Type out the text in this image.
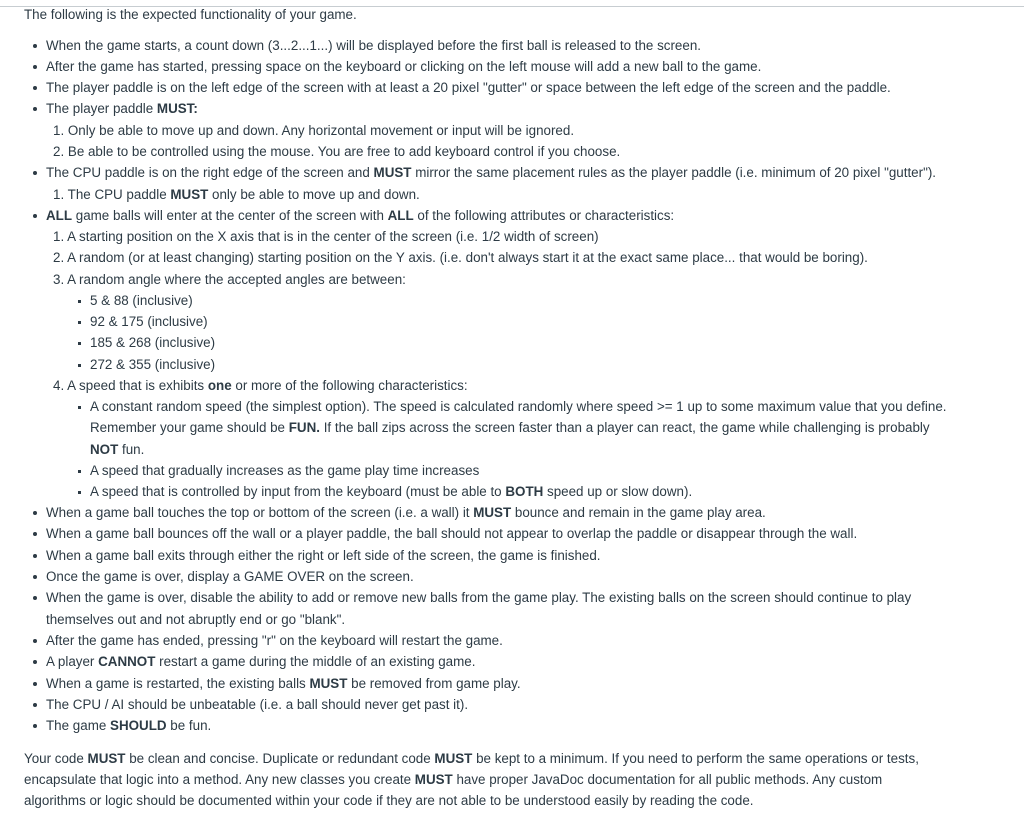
The following is the expected functionality of your game.
When the game starts, a count down (3...2...1...) will be displayed before the first ball is released to the screen.
After the game has started, pressing space on the keyboard or clicking on the left mouse will add a new ball to the game.
The player paddle is on the left edge of the screen with at least a 20 pixel "gutter" or space between the left edge of the screen and the paddle.
The player paddle MUST:
1. Only be able to move up and down. Any horizontal movement or input will be ignored.
2. Be able to be controlled using the mouse. You are free to add keyboard control if you choose.
The CPU paddle is on the right edge of the screen and MUST mirror the same placement rules as the player paddle (i.e. minimum of 20 pixel "gutter").
1. The CPU paddle MUST only be able to move up and down.
ALL game balls will enter at the center of the screen with ALL of the following attributes or characteristics:
1. A starting position on the X axis that is in the center of the screen (i.e. 1/2 width of screen)
2. A random (or at least changing) starting position on the Y axis. (i.e. don't always start it at the exact same place... that would be boring).
3. A random angle where the accepted angles are between:
5 & 88 (inclusive)
92 & 175 (inclusive)
185 & 268 (inclusive)
272 & 355 (inclusive)
4. A speed that is exhibits one or more of the following characteristics:
A constant random speed (the simplest option). The speed is calculated randomly where speed >= 1 up to some maximum value that you define.
Remember your game should be FUN. If the ball zips across the screen faster than a player can react, the game while challenging is probably
NOT fun.
A speed that gradually increases as the game play time increases
A speed that is controlled by input from the keyboard (must be able to BOTH speed up or slow down).
When a game ball touches the top or bottom of the screen (i.e. a wall) it MUST bounce and remain in the game play area.
When a game ball bounces off the wall or a player paddle, the ball should not appear to overlap the paddle or disappear through the wall.
When a game ball exits through either the right or left side of the screen, the game is finished.
Once the game is over, display a GAME OVER on the screen.
When the game is over, disable the ability to add or remove new balls from the game play. The existing balls on the screen should continue to play
themselves out and not abruptly end or go "blank".
After the game has ended, pressing "r" on the keyboard will restart the game.
A player CANNOT restart a game during the middle of an existing game.
When a game is restarted, the existing balls MUST be removed from game play.
The CPU / AI should be unbeatable (i.e. a ball should never get past it).
The game SHOULD be fun.
Your code MUST be clean and concise. Duplicate or redundant code MUST be kept to a minimum. If you need to perform the same operations or tests,
encapsulate that logic into a method. Any new classes you create MUST have proper JavaDoc documentation for all public methods. Any custom
algorithms or logic should be documented within your code if they are not able to be understood easily by reading the code.
